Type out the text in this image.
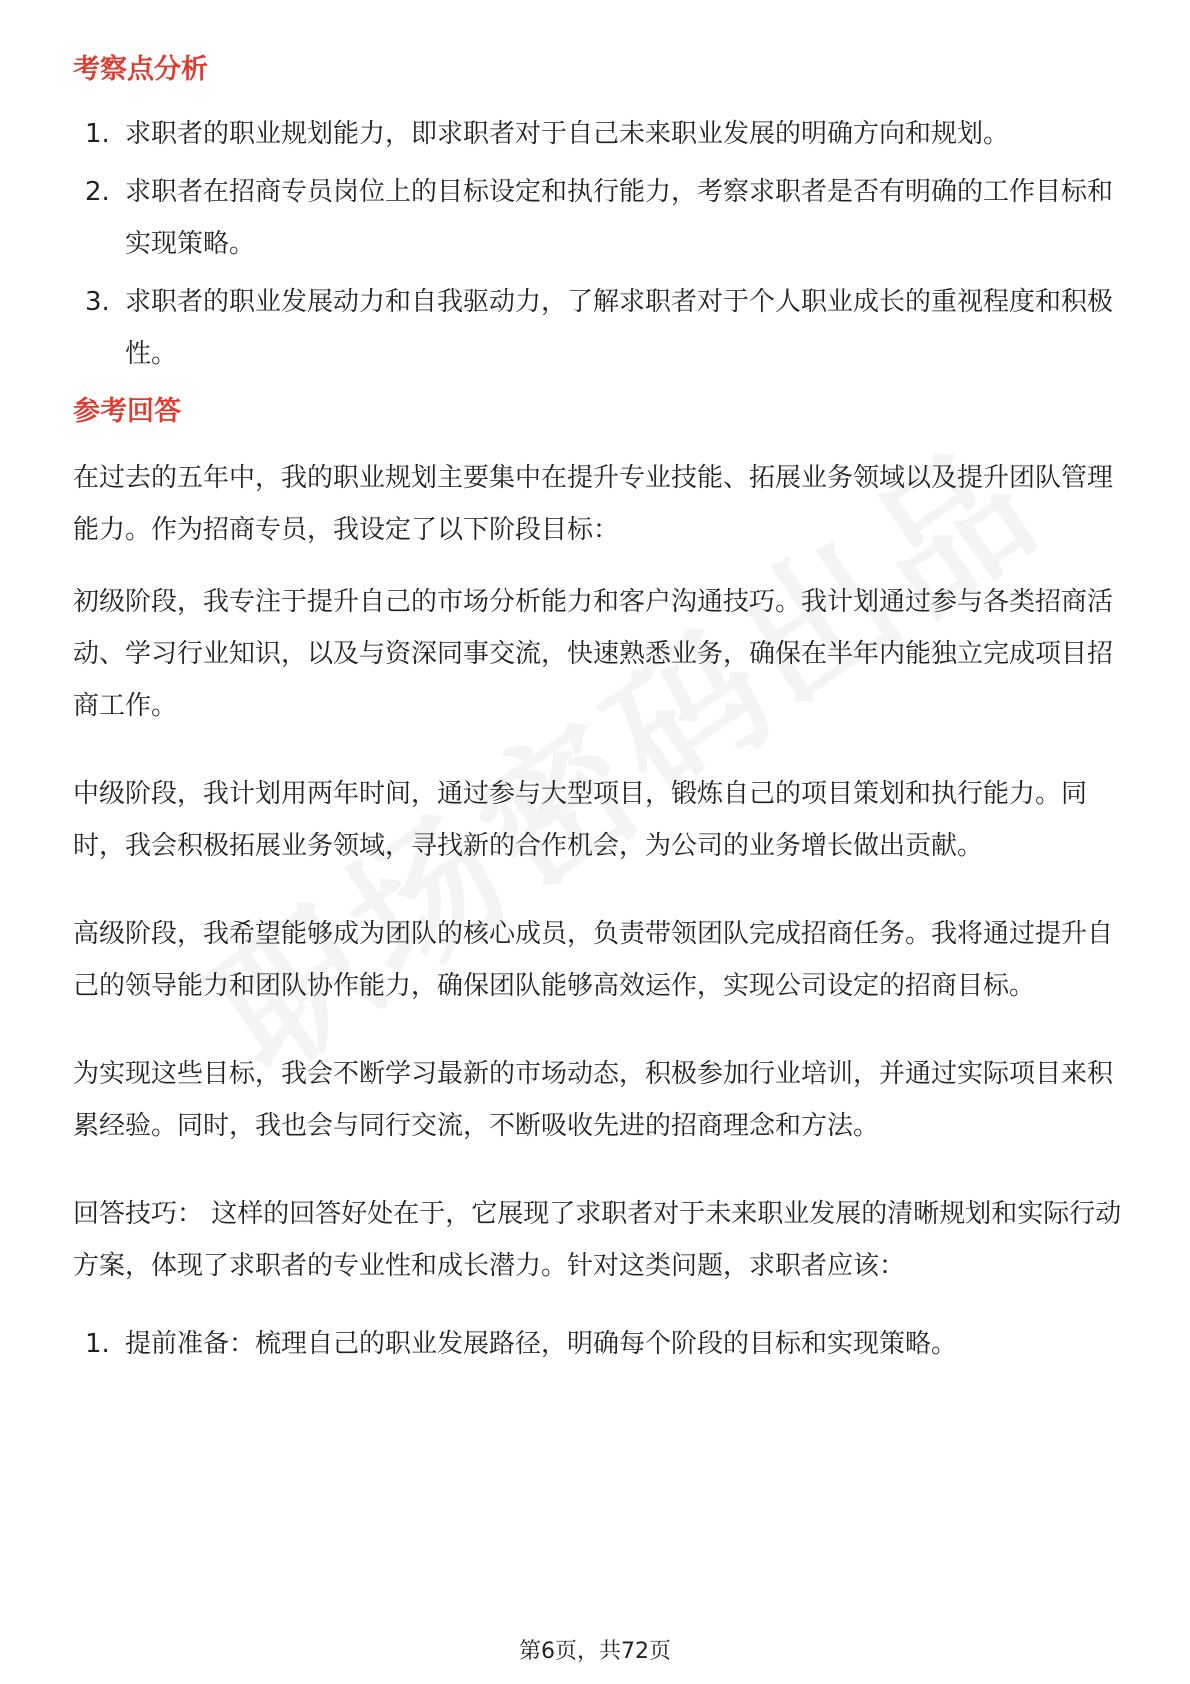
考察点分析
1. 求职者的职业规划能力，即求职者对于自己未来职业发展的明确方向和规划。
2. 求职者在招商专员岗位上的目标设定和执行能力，考察求职者是否有明确的工作目标和实现策略。
3. 求职者的职业发展动力和自我驱动力，了解求职者对于个人职业成长的重视程度和积极性。
参考回答

在过去的五年中，我的职业规划主要集中在提升专业技能、拓展业务领域以及提升团队管理能力。作为招商专员，我设定了以下阶段目标：

初级阶段，我专注于提升自己的市场分析能力和客户沟通技巧。我计划通过参与各类招商活动、学习行业知识，以及与资深同事交流，快速熟悉业务，确保在半年内能独立完成项目招商工作。

中级阶段，我计划用两年时间，通过参与大型项目，锻炼自己的项目策划和执行能力。同时，我会积极拓展业务领域，寻找新的合作机会，为公司的业务增长做出贡献。

高级阶段，我希望能够成为团队的核心成员，负责带领团队完成招商任务。我将通过提升自己的领导能力和团队协作能力，确保团队能够高效运作，实现公司设定的招商目标。

为实现这些目标，我会不断学习最新的市场动态，积极参加行业培训，并通过实际项目来积累经验。同时，我也会与同行交流，不断吸收先进的招商理念和方法。

回答技巧： 这样的回答好处在于，它展现了求职者对于未来职业发展的清晰规划和实际行动方案，体现了求职者的专业性和成长潜力。针对这类问题，求职者应该：

1. 提前准备：梳理自己的职业发展路径，明确每个阶段的目标和实现策略。
第6页，共72页
